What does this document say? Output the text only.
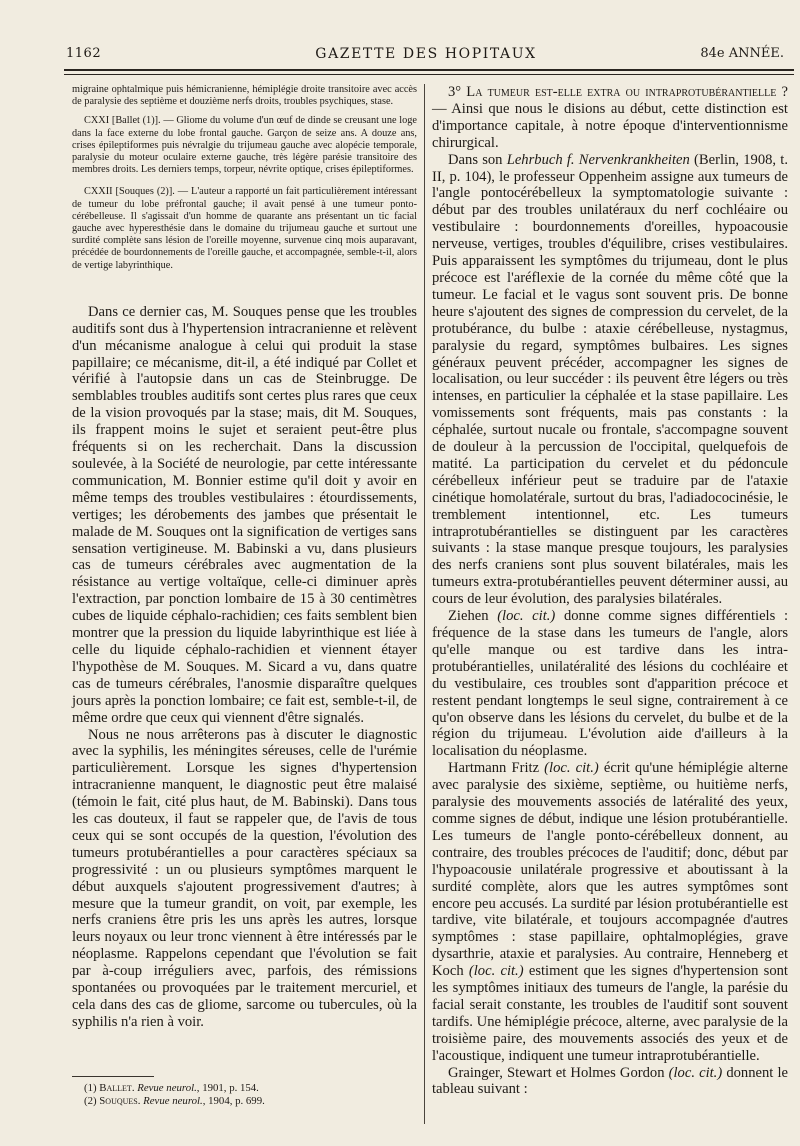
1162	GAZETTE DES HOPITAUX	84e ANNÉE.

migraine ophtalmique puis hémicranienne, hémiplégie droite transitoire avec accès de paralysie des septième et douzième nerfs droits, troubles psychiques, stase.

CXXI [Ballet (1)]. — Gliome du volume d'un œuf de dinde se creusant une loge dans la face externe du lobe frontal gauche. Garçon de seize ans. A douze ans, crises épileptiformes puis névralgie du trijumeau gauche avec alopécie temporale, paralysie du moteur oculaire externe gauche, très légère parésie transitoire des membres droits. Les derniers temps, torpeur, névrite optique, crises épileptiformes.

CXXII [Souques (2)]. — L'auteur a rapporté un fait particulièrement intéressant de tumeur du lobe préfrontal gauche; il avait pensé à une tumeur ponto-cérébelleuse. Il s'agissait d'un homme de quarante ans présentant un tic facial gauche avec hyperesthésie dans le domaine du trijumeau gauche et surtout une surdité complète sans lésion de l'oreille moyenne, survenue cinq mois auparavant, précédée de bourdonnements de l'oreille gauche, et accompagnée, semble-t-il, alors de vertige labyrinthique.

Dans ce dernier cas, M. Souques pense que les troubles auditifs sont dus à l'hypertension intracranienne et relèvent d'un mécanisme analogue à celui qui produit la stase papillaire; ce mécanisme, dit-il, a été indiqué par Collet et vérifié à l'autopsie dans un cas de Steinbrugge. De semblables troubles auditifs sont certes plus rares que ceux de la vision provoqués par la stase; mais, dit M. Souques, ils frappent moins le sujet et seraient peut-être plus fréquents si on les recherchait. Dans la discussion soulevée, à la Société de neurologie, par cette intéressante communication, M. Bonnier estime qu'il doit y avoir en même temps des troubles vestibulaires : étourdissements, vertiges; les dérobements des jambes que présentait le malade de M. Souques ont la signification de vertiges sans sensation vertigineuse. M. Babinski a vu, dans plusieurs cas de tumeurs cérébrales avec augmentation de la résistance au vertige voltaïque, celle-ci diminuer après l'extraction, par ponction lombaire de 15 à 30 centimètres cubes de liquide céphalo-rachidien; ces faits semblent bien montrer que la pression du liquide labyrinthique est liée à celle du liquide céphalo-rachidien et viennent étayer l'hypothèse de M. Souques. M. Sicard a vu, dans quatre cas de tumeurs cérébrales, l'anosmie disparaître quelques jours après la ponction lombaire; ce fait est, semble-t-il, de même ordre que ceux qui viennent d'être signalés.

Nous ne nous arrêterons pas à discuter le diagnostic avec la syphilis, les méningites séreuses, celle de l'urémie particulièrement. Lorsque les signes d'hypertension intracranienne manquent, le diagnostic peut être malaisé (témoin le fait, cité plus haut, de M. Babinski). Dans tous les cas douteux, il faut se rappeler que, de l'avis de tous ceux qui se sont occupés de la question, l'évolution des tumeurs protubérantielles a pour caractères spéciaux sa progressivité : un ou plusieurs symptômes marquent le début auxquels s'ajoutent progressivement d'autres; à mesure que la tumeur grandit, on voit, par exemple, les nerfs craniens être pris les uns après les autres, lorsque leurs noyaux ou leur tronc viennent à être intéressés par le néoplasme. Rappelons cependant que l'évolution se fait par à-coup irréguliers avec, parfois, des rémissions spontanées ou provoquées par le traitement mercuriel, et cela dans des cas de gliome, sarcome ou tubercules, où la syphilis n'a rien à voir.

(1) Ballet. Revue neurol., 1901, p. 154.

(2) Souques. Revue neurol., 1904, p. 699.

3° La tumeur est-elle extra ou intraprotubérantielle ? — Ainsi que nous le disions au début, cette distinction est d'importance capitale, à notre époque d'interventionnisme chirurgical.

Dans son Lehrbuch f. Nervenkrankheiten (Berlin, 1908, t. II, p. 104), le professeur Oppenheim assigne aux tumeurs de l'angle pontocérébelleux la symptomatologie suivante : début par des troubles unilatéraux du nerf cochléaire ou vestibulaire : bourdonnements d'oreilles, hypoacousie nerveuse, vertiges, troubles d'équilibre, crises vestibulaires. Puis apparaissent les symptômes du trijumeau, dont le plus précoce est l'aréflexie de la cornée du même côté que la tumeur. Le facial et le vagus sont souvent pris. De bonne heure s'ajoutent des signes de compression du cervelet, de la protubérance, du bulbe : ataxie cérébelleuse, nystagmus, paralysie du regard, symptômes bulbaires. Les signes généraux peuvent précéder, accompagner les signes de localisation, ou leur succéder : ils peuvent être légers ou très intenses, en particulier la céphalée et la stase papillaire. Les vomissements sont fréquents, mais pas constants : la céphalée, surtout nucale ou frontale, s'accompagne souvent de douleur à la percussion de l'occipital, quelquefois de matité. La participation du cervelet et du pédoncule cérébelleux inférieur peut se traduire par de l'ataxie cinétique homolatérale, surtout du bras, l'adiadococinésie, le tremblement intentionnel, etc. Les tumeurs intraprotubérantielles se distinguent par les caractères suivants : la stase manque presque toujours, les paralysies des nerfs craniens sont plus souvent bilatérales, mais les tumeurs extra-protubérantielles peuvent déterminer aussi, au cours de leur évolution, des paralysies bilatérales.

Ziehen (loc. cit.) donne comme signes différentiels : fréquence de la stase dans les tumeurs de l'angle, alors qu'elle manque ou est tardive dans les intra-protubérantielles, unilatéralité des lésions du cochléaire et du vestibulaire, ces troubles sont d'apparition précoce et restent pendant longtemps le seul signe, contrairement à ce qu'on observe dans les lésions du cervelet, du bulbe et de la région du trijumeau. L'évolution aide d'ailleurs à la localisation du néoplasme.

Hartmann Fritz (loc. cit.) écrit qu'une hémiplégie alterne avec paralysie des sixième, septième, ou huitième nerfs, paralysie des mouvements associés de latéralité des yeux, comme signes de début, indique une lésion protubérantielle. Les tumeurs de l'angle ponto-cérébelleux donnent, au contraire, des troubles précoces de l'auditif; donc, début par l'hypoacousie unilatérale progressive et aboutissant à la surdité complète, alors que les autres symptômes sont encore peu accusés. La surdité par lésion protubérantielle est tardive, vite bilatérale, et toujours accompagnée d'autres symptômes : stase papillaire, ophtalmoplégies, grave dysarthrie, ataxie et paralysies. Au contraire, Henneberg et Koch (loc. cit.) estiment que les signes d'hypertension sont les symptômes initiaux des tumeurs de l'angle, la parésie du facial serait constante, les troubles de l'auditif sont souvent tardifs. Une hémiplégie précoce, alterne, avec paralysie de la troisième paire, des mouvements associés des yeux et de l'acoustique, indiquent une tumeur intraprotubérantielle.

Grainger, Stewart et Holmes Gordon (loc. cit.) donnent le tableau suivant :
